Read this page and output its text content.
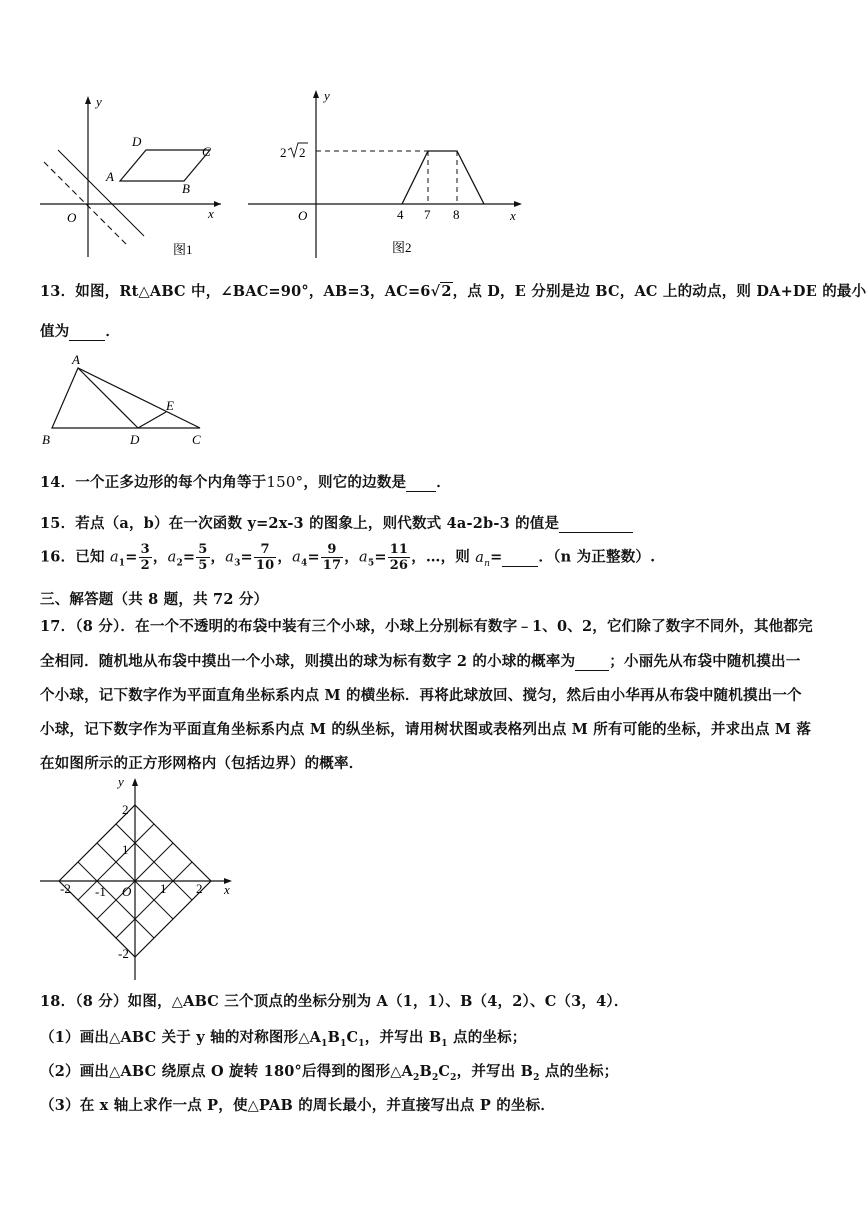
y
x
O
A
B
C
D
图1
y
x
O
2 2
4 7 8
图2
13．如图，Rt△ABC 中，∠BAC=90°，AB=3，AC=6√2，点 D，E 分别是边 BC，AC 上的动点，则 DA+DE 的最小
值为 ．
A
B	C
D
E
14．一个正多边形的每个内角等于150°，则它的边数是 ．
15．若点（a，b）在一次函数 y=2x-3 的图象上，则代数式 4a-2b-3 的值是
16．已知 $a_1= \frac{3}{2}$ ，$a_2= \frac{5}{5}$ ，$a_3= \frac{7}{10}$ ，$a_4= \frac{9}{17}$ ，$a_5= \frac{11}{26}$ ，…，则 $a_n=$ ．（n 为正整数）.
三、解答题（共 8 题，共 72 分）
17．（8 分）．在一个不透明的布袋中装有三个小球，小球上分别标有数字﹣1、0、2，它们除了数字不同外，其他都完
全相同．随机地从布袋中摸出一个小球，则摸出的球为标有数字 2 的小球的概率为 ；小丽先从布袋中随机摸出一
个小球，记下数字作为平面直角坐标系内点 M 的横坐标．再将此球放回、搅匀，然后由小华再从布袋中随机摸出一个
小球，记下数字作为平面直角坐标系内点 M 的纵坐标，请用树状图或表格列出点 M 所有可能的坐标，并求出点 M 落
在如图所示的正方形网格内（包括边界）的概率．
y
x
2
1
O
-2 -1	1 2
-2
18．（8 分）如图，△ABC 三个顶点的坐标分别为 A（1，1）、B（4，2）、C（3，4）．
（1）画出△ABC 关于 y 轴的对称图形$\triangle A_1B_1C_1$，并写出 $B_1$ 点的坐标；
（2）画出△ABC 绕原点 O 旋转 180°后得到的图形$\triangle A_2B_2C_2$，并写出 $B_2$ 点的坐标；
（3）在 x 轴上求作一点 P，使△PAB 的周长最小，并直接写出点 P 的坐标．
